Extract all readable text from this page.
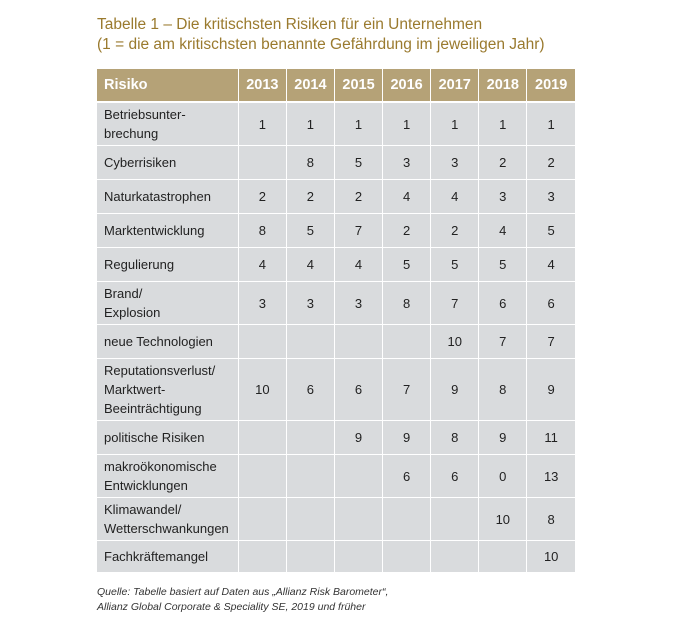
Tabelle 1 – Die kritischsten Risiken für ein Unternehmen
(1 = die am kritischsten benannte Gefährdung im jeweiligen Jahr)
Risiko	2013	2014	2015	2016	2017	2018	2019

Betriebsunter-
brechung	1	1	1	1	1	1	1

Cyberrisiken		8	5	3	3	2	2

Naturkatastrophen	2	2	2	4	4	3	3

Marktentwicklung	8	5	7	2	2	4	5

Regulierung	4	4	4	5	5	5	4

Brand/
Explosion	3	3	3	8	7	6	6

neue Technologien					10	7	7

Reputationsverlust/
Marktwert-
Beeinträchtigung	10	6	6	7	9	8	9

politische Risiken			9	9	8	9	11

makroökonomische
Entwicklungen				6	6	0	13

Klimawandel/
Wetterschwankungen						10	8

Fachkräftemangel							10
Quelle: Tabelle basiert auf Daten aus „Allianz Risk Barometer“,
Allianz Global Corporate & Speciality SE, 2019 und früher
